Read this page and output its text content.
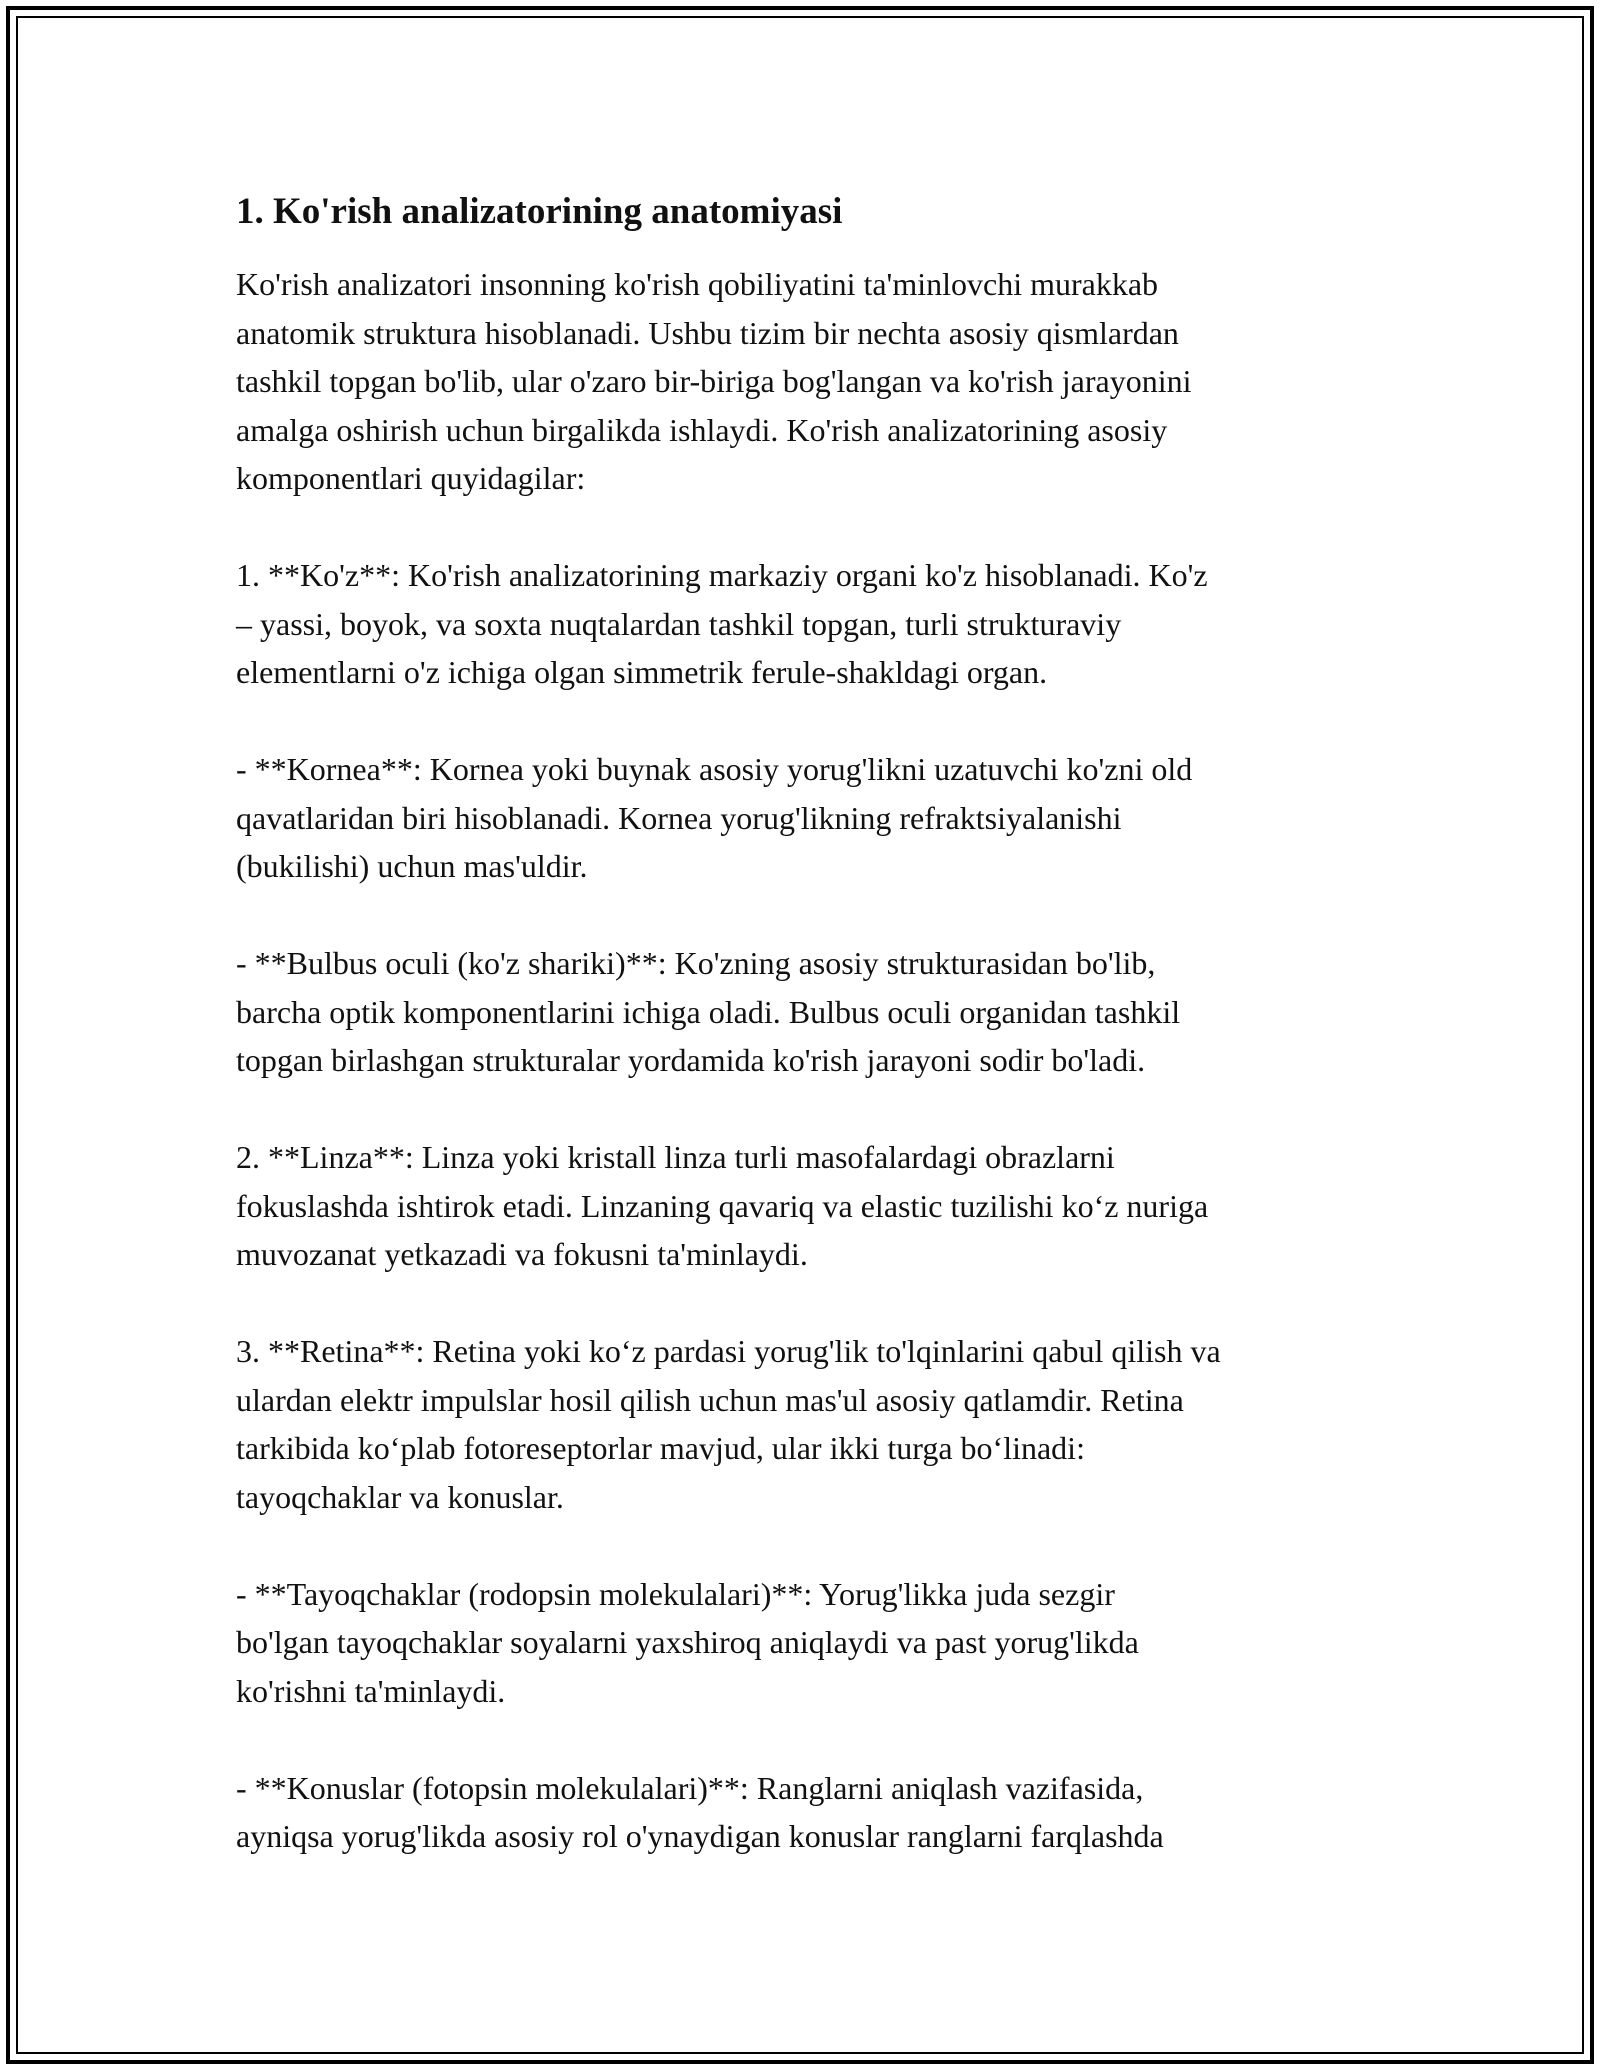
1. Ko'rish analizatorining anatomiyasi

Ko'rish analizatori insonning ko'rish qobiliyatini ta'minlovchi murakkab
anatomik struktura hisoblanadi. Ushbu tizim bir nechta asosiy qismlardan
tashkil topgan bo'lib, ular o'zaro bir-biriga bog'langan va ko'rish jarayonini
amalga oshirish uchun birgalikda ishlaydi. Ko'rish analizatorining asosiy
komponentlari quyidagilar:

1. **Ko'z**: Ko'rish analizatorining markaziy organi ko'z hisoblanadi. Ko'z
– yassi, boyok, va soxta nuqtalardan tashkil topgan, turli strukturaviy
elementlarni o'z ichiga olgan simmetrik ferule-shakldagi organ.

- **Kornea**: Kornea yoki buynak asosiy yorug'likni uzatuvchi ko'zni old
qavatlaridan biri hisoblanadi. Kornea yorug'likning refraktsiyalanishi
(bukilishi) uchun mas'uldir.

- **Bulbus oculi (ko'z shariki)**: Ko'zning asosiy strukturasidan bo'lib,
barcha optik komponentlarini ichiga oladi. Bulbus oculi organidan tashkil
topgan birlashgan strukturalar yordamida ko'rish jarayoni sodir bo'ladi.

2. **Linza**: Linza yoki kristall linza turli masofalardagi obrazlarni
fokuslashda ishtirok etadi. Linzaning qavariq va elastic tuzilishi ko‘z nuriga
muvozanat yetkazadi va fokusni ta'minlaydi.

3. **Retina**: Retina yoki ko‘z pardasi yorug'lik to'lqinlarini qabul qilish va
ulardan elektr impulslar hosil qilish uchun mas'ul asosiy qatlamdir. Retina
tarkibida ko‘plab fotoreseptorlar mavjud, ular ikki turga bo‘linadi:
tayoqchaklar va konuslar.

- **Tayoqchaklar (rodopsin molekulalari)**: Yorug'likka juda sezgir
bo'lgan tayoqchaklar soyalarni yaxshiroq aniqlaydi va past yorug'likda
ko'rishni ta'minlaydi.

- **Konuslar (fotopsin molekulalari)**: Ranglarni aniqlash vazifasida,
ayniqsa yorug'likda asosiy rol o'ynaydigan konuslar ranglarni farqlashda
